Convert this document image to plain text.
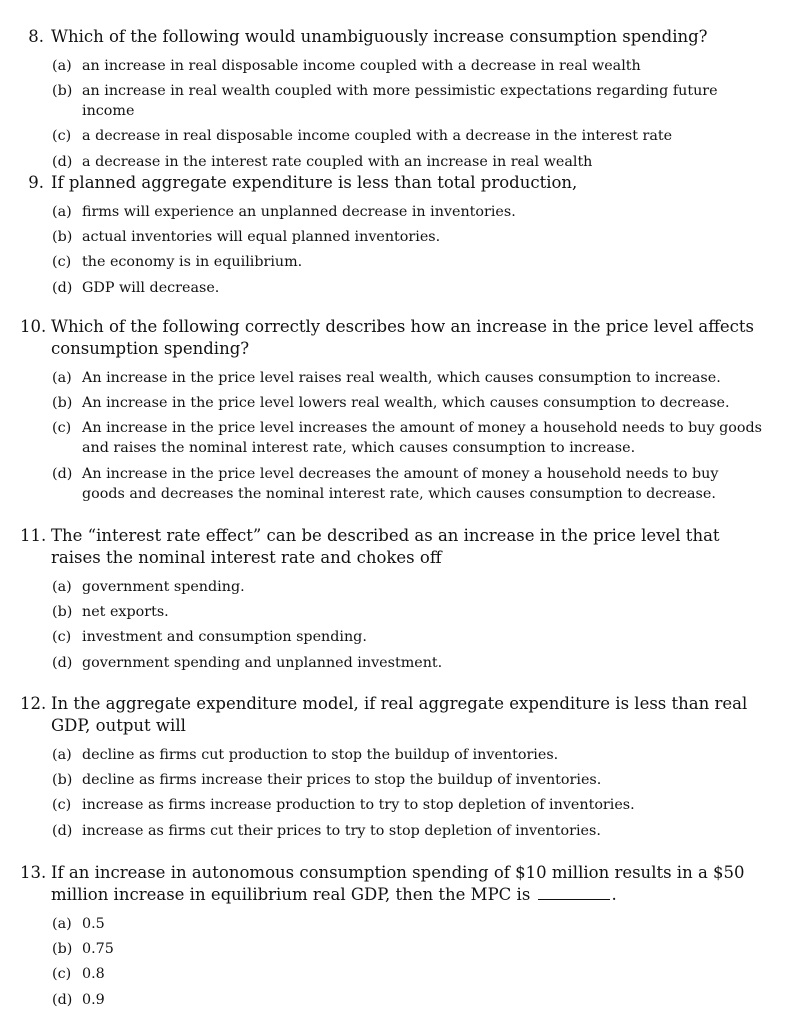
8. Which of the following would unambiguously increase consumption spending?
(a) an increase in real disposable income coupled with a decrease in real wealth
(b) an increase in real wealth coupled with more pessimistic expectations regarding future income
(c) a decrease in real disposable income coupled with a decrease in the interest rate
(d) a decrease in the interest rate coupled with an increase in real wealth
9. If planned aggregate expenditure is less than total production,
(a) firms will experience an unplanned decrease in inventories.
(b) actual inventories will equal planned inventories.
(c) the economy is in equilibrium.
(d) GDP will decrease.
10. Which of the following correctly describes how an increase in the price level affects consumption spending?
(a) An increase in the price level raises real wealth, which causes consumption to increase.
(b) An increase in the price level lowers real wealth, which causes consumption to decrease.
(c) An increase in the price level increases the amount of money a household needs to buy goods and raises the nominal interest rate, which causes consumption to increase.
(d) An increase in the price level decreases the amount of money a household needs to buy goods and decreases the nominal interest rate, which causes consumption to decrease.
11. The “interest rate effect” can be described as an increase in the price level that raises the nominal interest rate and chokes off
(a) government spending.
(b) net exports.
(c) investment and consumption spending.
(d) government spending and unplanned investment.
12. In the aggregate expenditure model, if real aggregate expenditure is less than real GDP, output will
(a) decline as firms cut production to stop the buildup of inventories.
(b) decline as firms increase their prices to stop the buildup of inventories.
(c) increase as firms increase production to try to stop depletion of inventories.
(d) increase as firms cut their prices to try to stop depletion of inventories.
13. If an increase in autonomous consumption spending of $10 million results in a $50 million increase in equilibrium real GDP, then the MPC is	.
(a) 0.5
(b) 0.75
(c) 0.8
(d) 0.9
